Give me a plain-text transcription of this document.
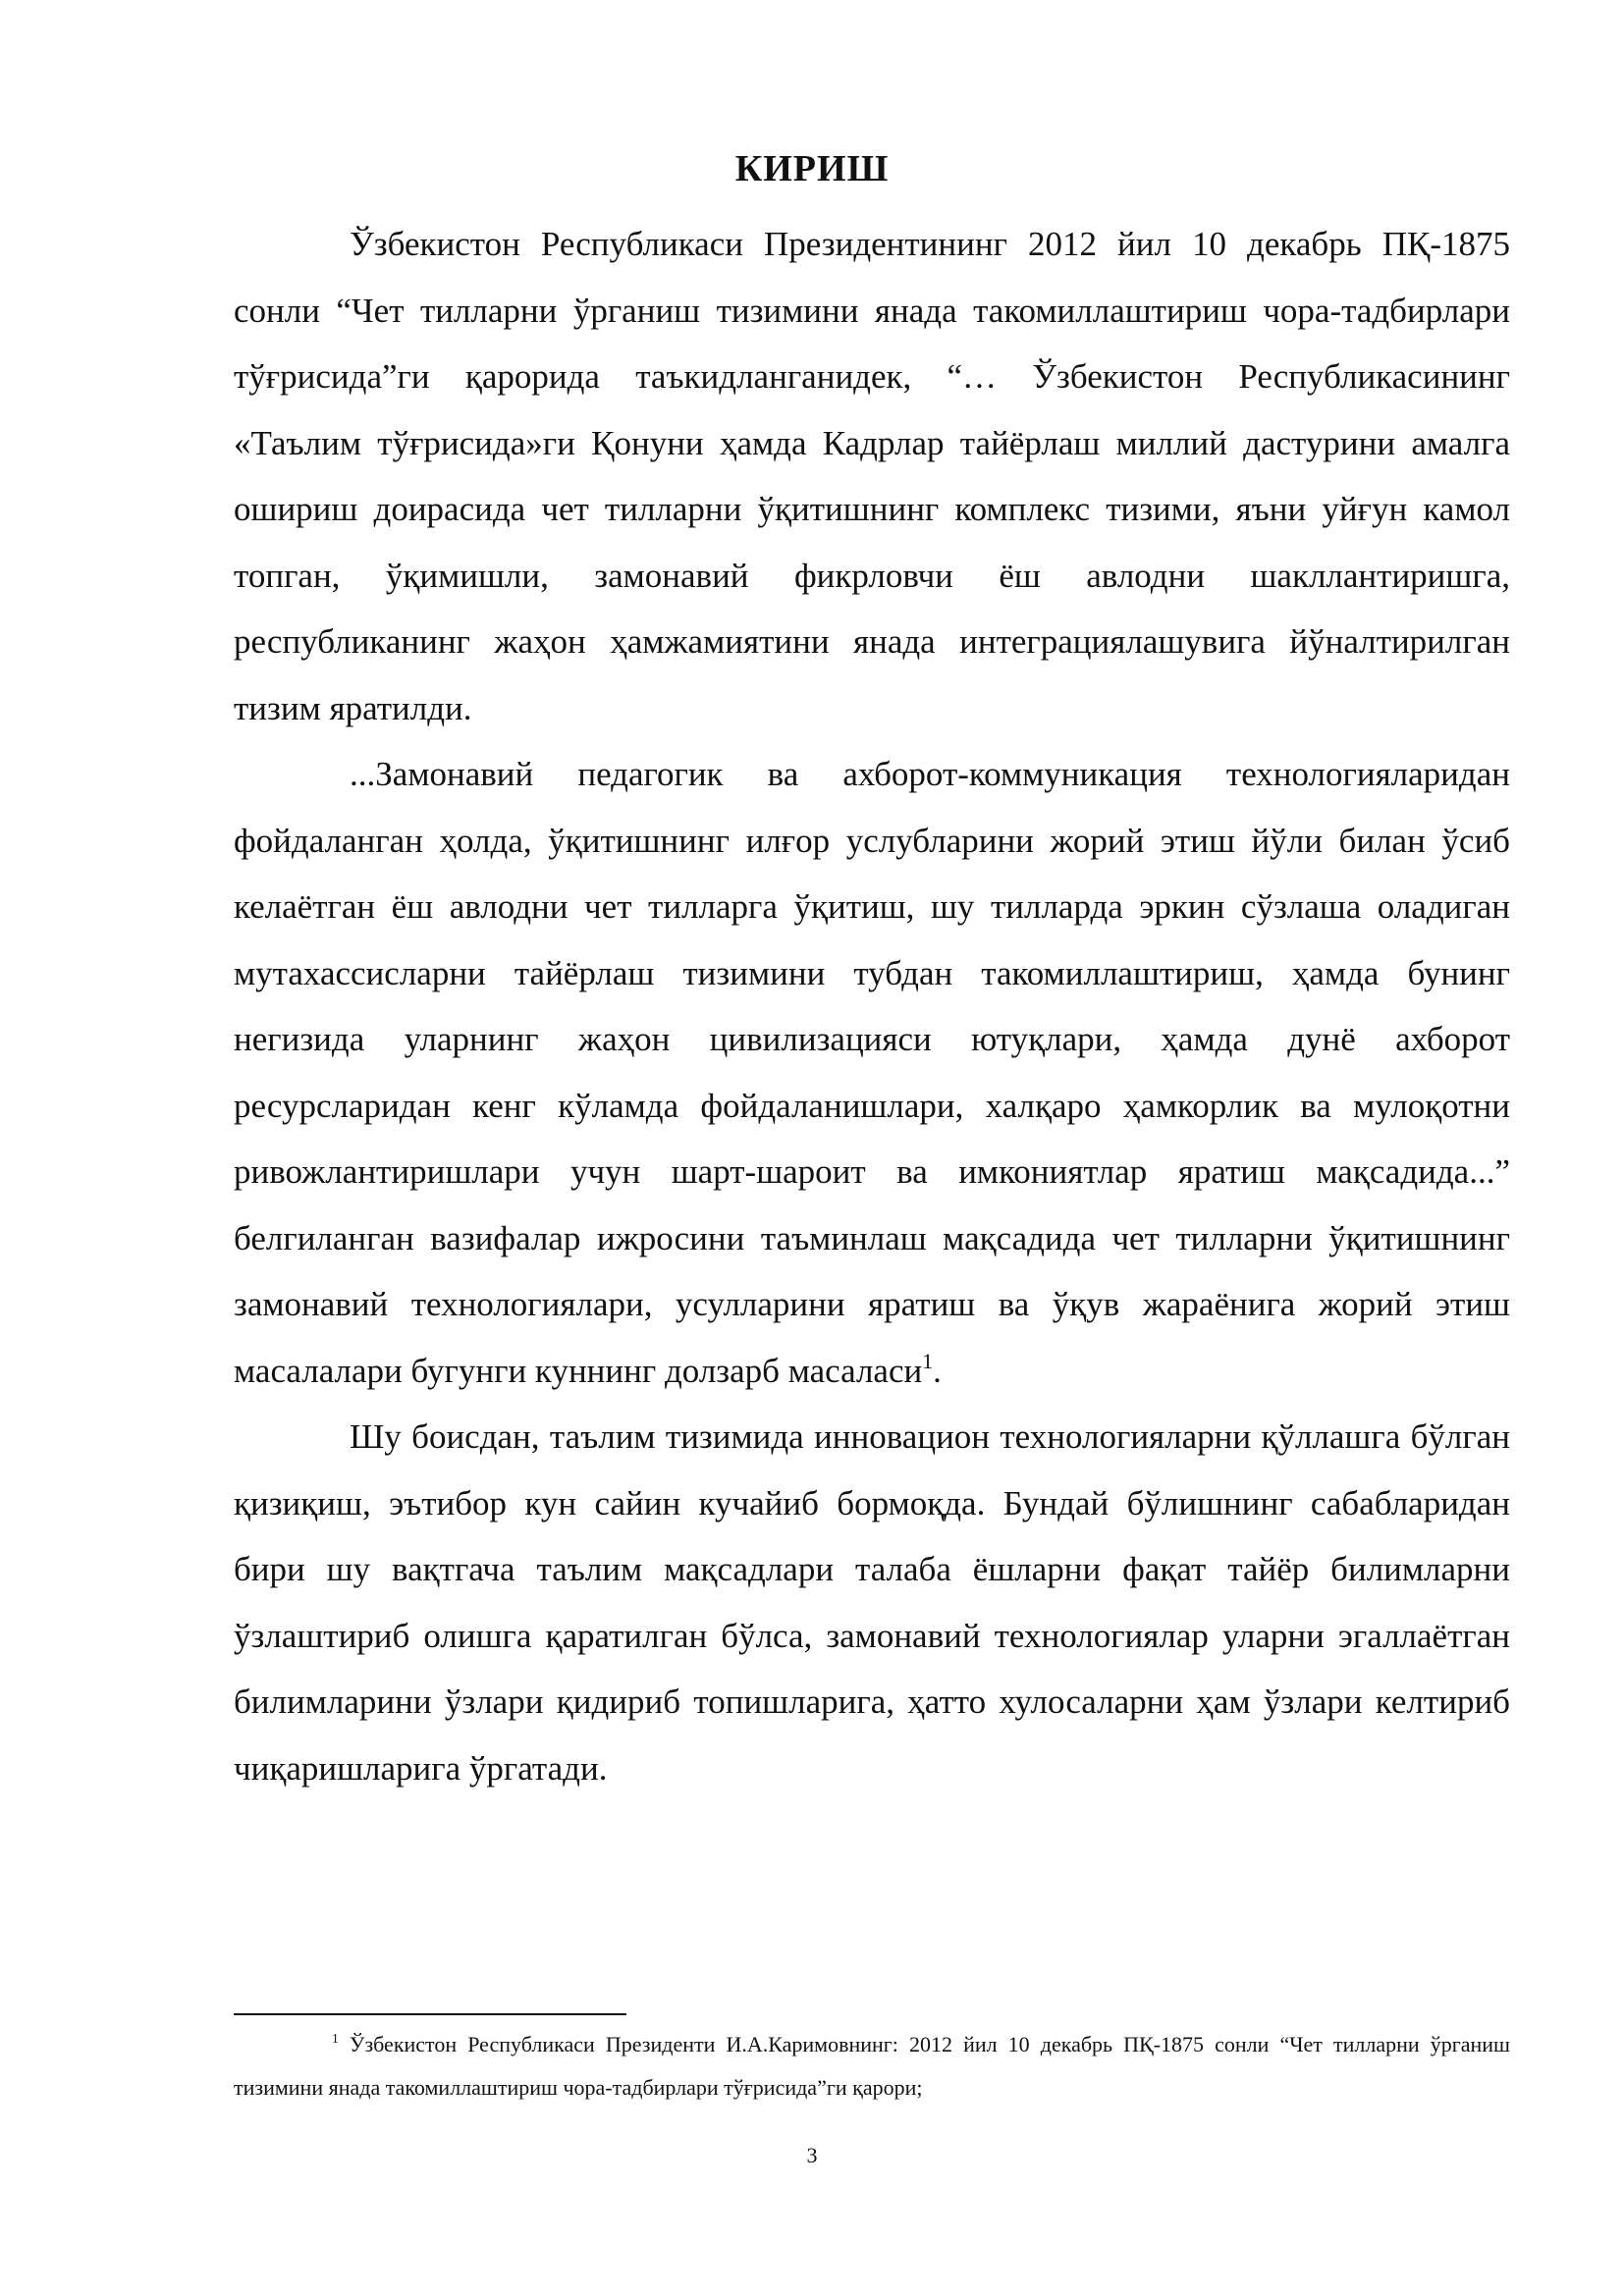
КИРИШ

Ўзбекистон Республикаси Президентининг 2012 йил 10 декабрь ПҚ-1875 сонли “Чет тилларни ўрганиш тизимини янада такомиллаштириш чора-тадбирлари тўғрисида”ги қарорида таъкидланганидек, “… Ўзбекистон Республикасининг «Таълим тўғрисида»ги Қонуни ҳамда Кадрлар тайёрлаш миллий дастурини амалга ошириш доирасида чет тилларни ўқитишнинг комплекс тизими, яъни уйғун камол топган, ўқимишли, замонавий фикрловчи ёш авлодни шакллантиришга, республиканинг жаҳон ҳамжамиятини янада интеграциялашувига йўналтирилган тизим яратилди.

...Замонавий педагогик ва ахборот-коммуникация технологияларидан фойдаланган ҳолда, ўқитишнинг илғор услубларини жорий этиш йўли билан ўсиб келаётган ёш авлодни чет тилларга ўқитиш, шу тилларда эркин сўзлаша оладиган мутахассисларни тайёрлаш тизимини тубдан такомиллаштириш, ҳамда бунинг негизида уларнинг жаҳон цивилизацияси ютуқлари, ҳамда дунё ахборот ресурсларидан кенг кўламда фойдаланишлари, халқаро ҳамкорлик ва мулоқотни ривожлантиришлари учун шарт-шароит ва имкониятлар яратиш мақсадида...” белгиланган вазифалар ижросини таъминлаш мақсадида чет тилларни ўқитишнинг замонавий технологиялари, усулларини яратиш ва ўқув жараёнига жорий этиш масалалари бугунги куннинг долзарб масаласи$^1$.

Шу боисдан, таълим тизимида инновацион технологияларни қўллашга бўлган қизиқиш, эътибор кун сайин кучайиб бормоқда. Бундай бўлишнинг сабабларидан бири шу вақтгача таълим мақсадлари талаба ёшларни фақат тайёр билимларни ўзлаштириб олишга қаратилган бўлса, замонавий технологиялар уларни эгаллаётган билимларини ўзлари қидириб топишларига, ҳатто хулосаларни ҳам ўзлари келтириб чиқаришларига ўргатади.

$^1$ Ўзбекистон Республикаси Президенти И.А.Каримовнинг: 2012 йил 10 декабрь ПҚ-1875 сонли “Чет тилларни ўрганиш тизимини янада такомиллаштириш чора-тадбирлари тўғрисида”ги қарори;

3
